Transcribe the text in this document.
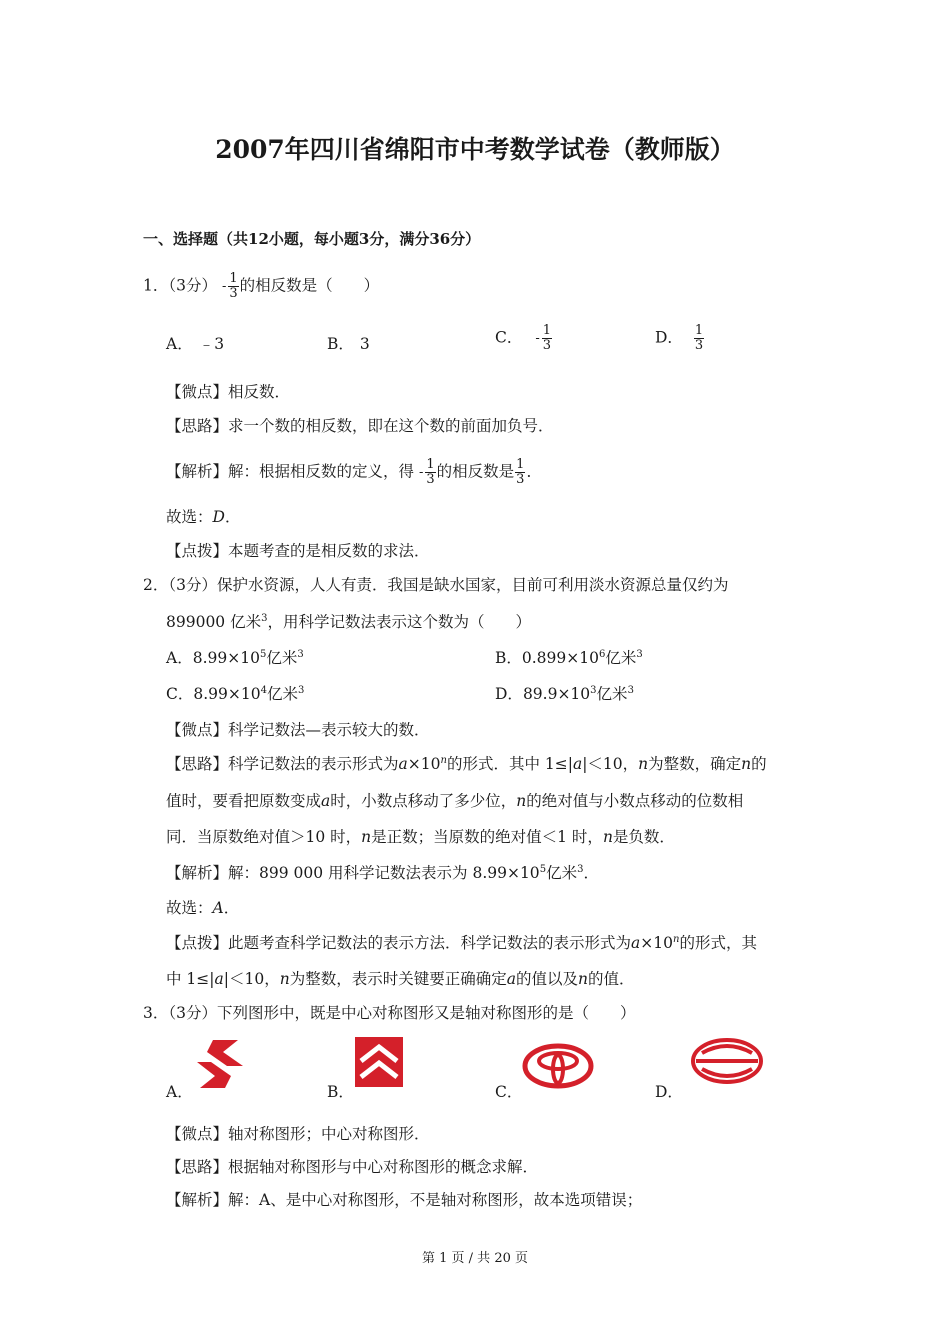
2007年四川省绵阳市中考数学试卷（教师版）
一、选择题（共12小题，每小题3分，满分36分）
1．（3分） - $\frac{1}{3}$ 的相反数是（　　）
A． ﹣3	B． 3	C． - $\frac{1}{3}$	D． $\frac{1}{3}$
【微点】相反数．
【思路】求一个数的相反数，即在这个数的前面加负号．
【解析】解：根据相反数的定义，得 - $\frac{1}{3}$ 的相反数是 $\frac{1}{3}$ ．
故选：D．
【点拨】本题考查的是相反数的求法．
2．（3分）保护水资源，人人有责．我国是缺水国家，目前可利用淡水资源总量仅约为
899000 亿米$^3$，用科学记数法表示这个数为（　　）
A．$8.99\times 10^5$亿米$^3$	B．$0.899\times 10^6$亿米$^3$
C．$8.99\times 10^4$亿米$^3$	D．$89.9\times 10^3$亿米$^3$
【微点】科学记数法—表示较大的数．
【思路】科学记数法的表示形式为$a\times 10^n$的形式．其中 1≤|a|＜10，n为整数，确定n的
值时，要看把原数变成a时，小数点移动了多少位，n的绝对值与小数点移动的位数相
同．当原数绝对值＞10 时，n是正数；当原数的绝对值＜1 时，n是负数．
【解析】解：899 000 用科学记数法表示为 $8.99\times 10^5$亿米$^3$．
故选：A．
【点拨】此题考查科学记数法的表示方法．科学记数法的表示形式为$a\times 10^n$的形式，其
中 1≤|a|＜10，n为整数，表示时关键要正确确定a的值以及n的值．
3．（3分）下列图形中，既是中心对称图形又是轴对称图形的是（　　）
A．	B．	C．	D．
【微点】轴对称图形；中心对称图形．
【思路】根据轴对称图形与中心对称图形的概念求解．
【解析】解：A、是中心对称图形，不是轴对称图形，故本选项错误；
第 1 页 / 共 20 页
